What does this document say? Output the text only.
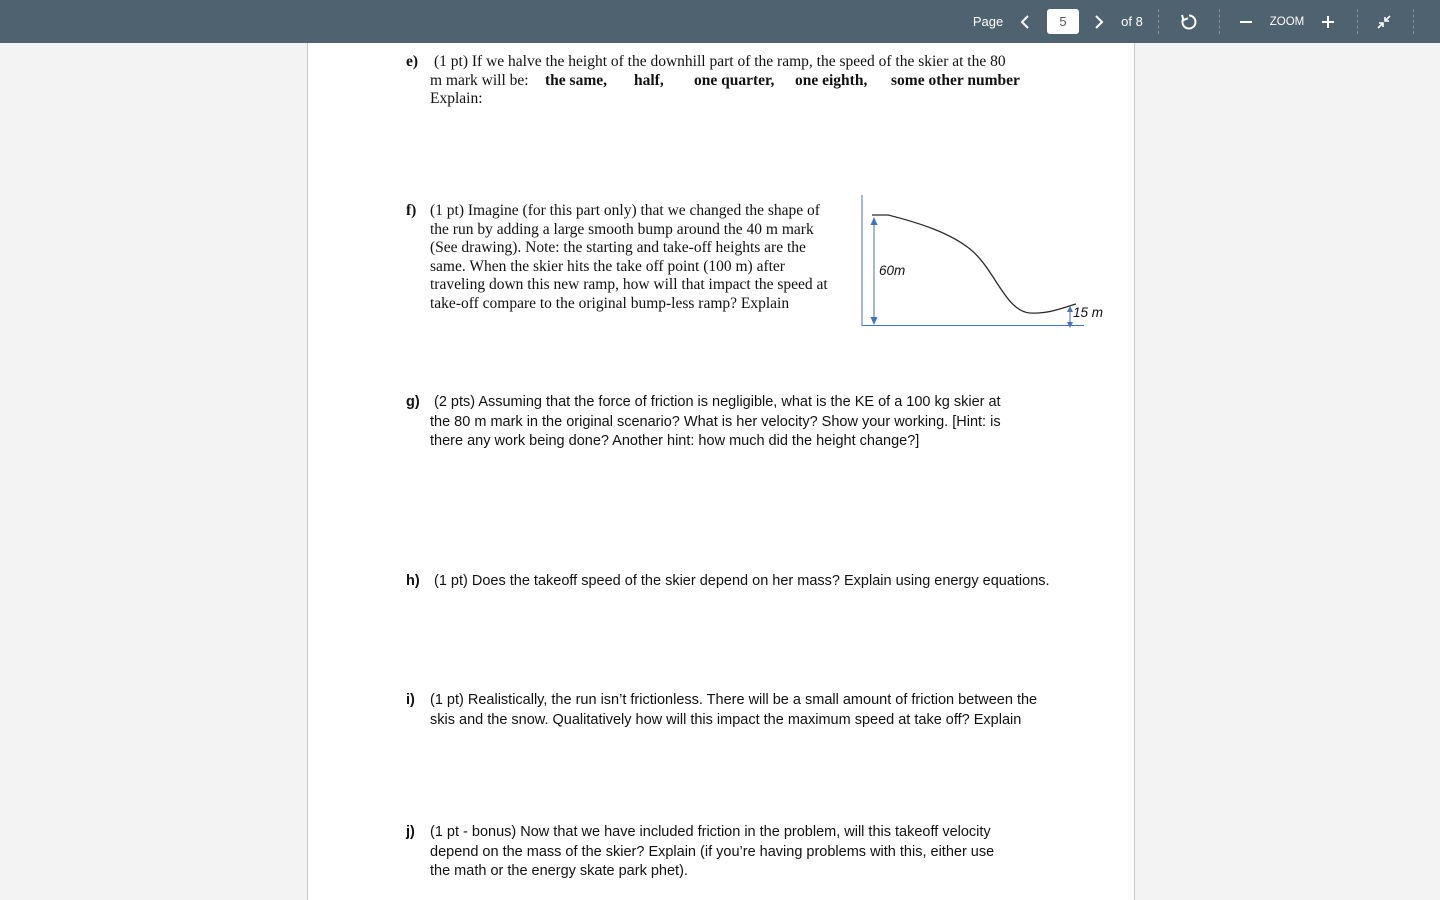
Page
5	of 8	ZOOM
e) (1 pt) If we halve the height of the downhill part of the ramp, the speed of the skier at the 80
m mark will be: the same, half, one quarter, one eighth, some other number
Explain:
f) (1 pt) Imagine (for this part only) that we changed the shape of
the run by adding a large smooth bump around the 40 m mark
(See drawing). Note: the starting and take-off heights are the
same. When the skier hits the take off point (100 m) after
traveling down this new ramp, how will that impact the speed at
take-off compare to the original bump-less ramp? Explain
60m
15 m
g) (2 pts) Assuming that the force of friction is negligible, what is the KE of a 100 kg skier at
the 80 m mark in the original scenario? What is her velocity? Show your working. [Hint: is
there any work being done? Another hint: how much did the height change?]
h) (1 pt) Does the takeoff speed of the skier depend on her mass? Explain using energy equations.
i) (1 pt) Realistically, the run isn’t frictionless. There will be a small amount of friction between the
skis and the snow. Qualitatively how will this impact the maximum speed at take off? Explain
j) (1 pt - bonus) Now that we have included friction in the problem, will this takeoff velocity
depend on the mass of the skier? Explain (if you’re having problems with this, either use
the math or the energy skate park phet).
